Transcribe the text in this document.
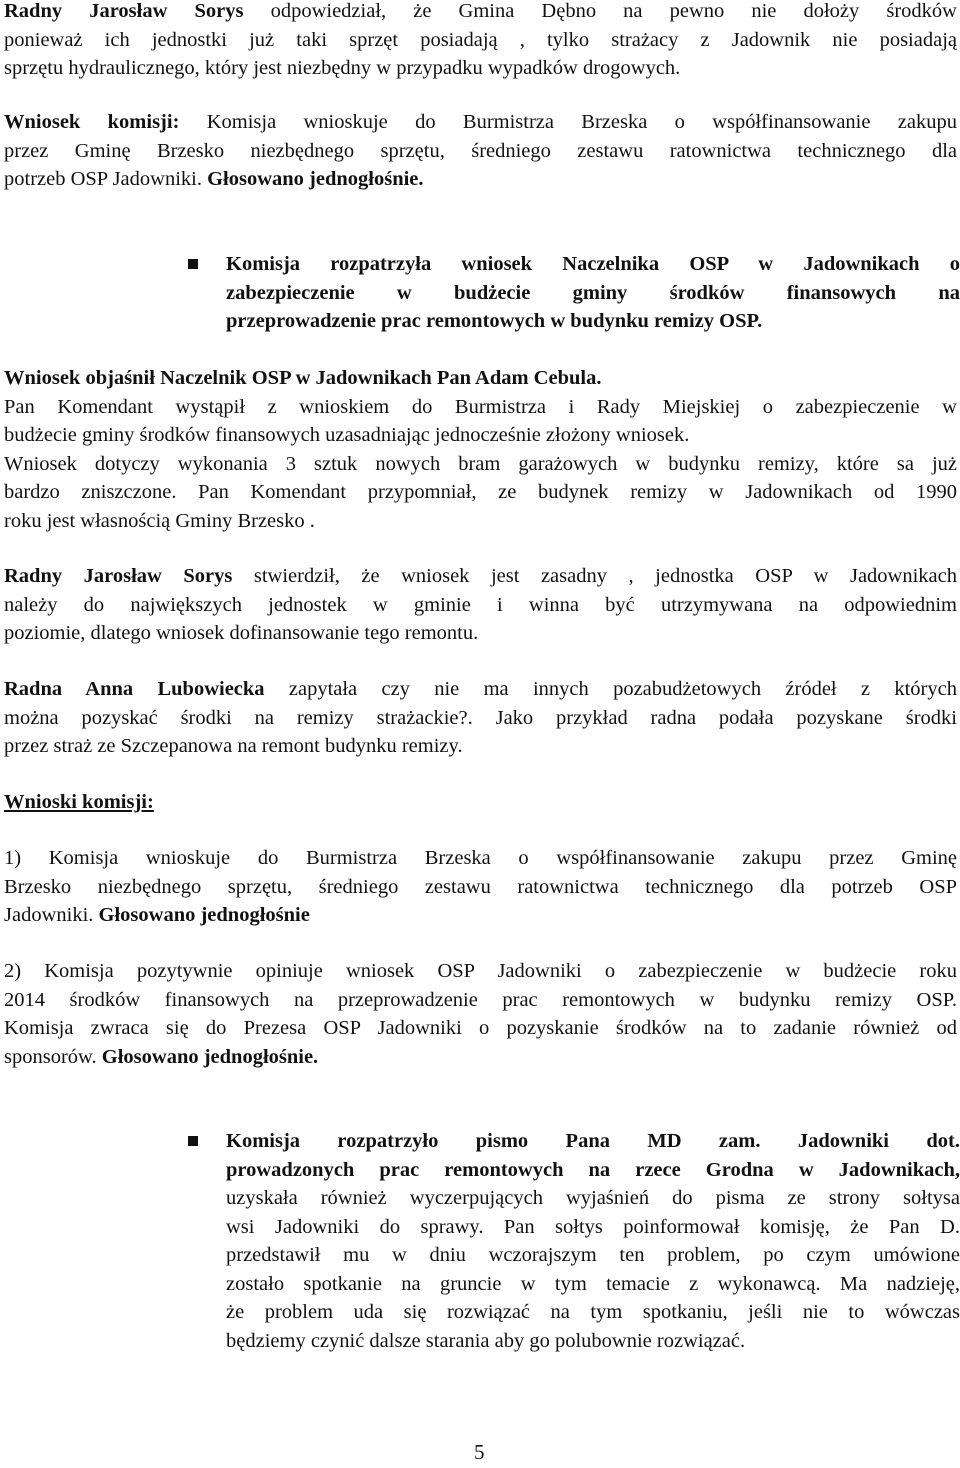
Radny Jarosław Sorys odpowiedział, że Gmina Dębno na pewno nie dołoży środków
ponieważ ich jednostki już taki sprzęt posiadają , tylko strażacy z Jadownik nie posiadają
sprzętu hydraulicznego, który jest niezbędny w przypadku wypadków drogowych.
Wniosek komisji: Komisja wnioskuje do Burmistrza Brzeska o współfinansowanie zakupu
przez Gminę Brzesko niezbędnego sprzętu, średniego zestawu ratownictwa technicznego dla
potrzeb OSP Jadowniki. Głosowano jednogłośnie.
Komisja rozpatrzyła wniosek Naczelnika OSP w Jadownikach o
zabezpieczenie w budżecie gminy środków finansowych na
przeprowadzenie prac remontowych w budynku remizy OSP.
Wniosek objaśnił Naczelnik OSP w Jadownikach Pan Adam Cebula.
Pan Komendant wystąpił z wnioskiem do Burmistrza i Rady Miejskiej o zabezpieczenie w
budżecie gminy środków finansowych uzasadniając jednocześnie złożony wniosek.
Wniosek dotyczy wykonania 3 sztuk nowych bram garażowych w budynku remizy, które sa już
bardzo zniszczone. Pan Komendant przypomniał, ze budynek remizy w Jadownikach od 1990
roku jest własnością Gminy Brzesko .
Radny Jarosław Sorys stwierdził, że wniosek jest zasadny , jednostka OSP w Jadownikach
należy do największych jednostek w gminie i winna być utrzymywana na odpowiednim
poziomie, dlatego wniosek dofinansowanie tego remontu.
Radna Anna Lubowiecka zapytała czy nie ma innych pozabudżetowych źródeł z których
można pozyskać środki na remizy strażackie?. Jako przykład radna podała pozyskane środki
przez straż ze Szczepanowa na remont budynku remizy.
Wnioski komisji:
1) Komisja wnioskuje do Burmistrza Brzeska o współfinansowanie zakupu przez Gminę
Brzesko niezbędnego sprzętu, średniego zestawu ratownictwa technicznego dla potrzeb OSP
Jadowniki. Głosowano jednogłośnie
2) Komisja pozytywnie opiniuje wniosek OSP Jadowniki o zabezpieczenie w budżecie roku
2014 środków finansowych na przeprowadzenie prac remontowych w budynku remizy OSP.
Komisja zwraca się do Prezesa OSP Jadowniki o pozyskanie środków na to zadanie również od
sponsorów. Głosowano jednogłośnie.
Komisja rozpatrzyło pismo Pana MD zam. Jadowniki dot.
prowadzonych prac remontowych na rzece Grodna w Jadownikach,
uzyskała również wyczerpujących wyjaśnień do pisma ze strony sołtysa
wsi Jadowniki do sprawy. Pan sołtys poinformował komisję, że Pan D.
przedstawił mu w dniu wczorajszym ten problem, po czym umówione
zostało spotkanie na gruncie w tym temacie z wykonawcą. Ma nadzieję,
że problem uda się rozwiązać na tym spotkaniu, jeśli nie to wówczas
będziemy czynić dalsze starania aby go polubownie rozwiązać.
5
